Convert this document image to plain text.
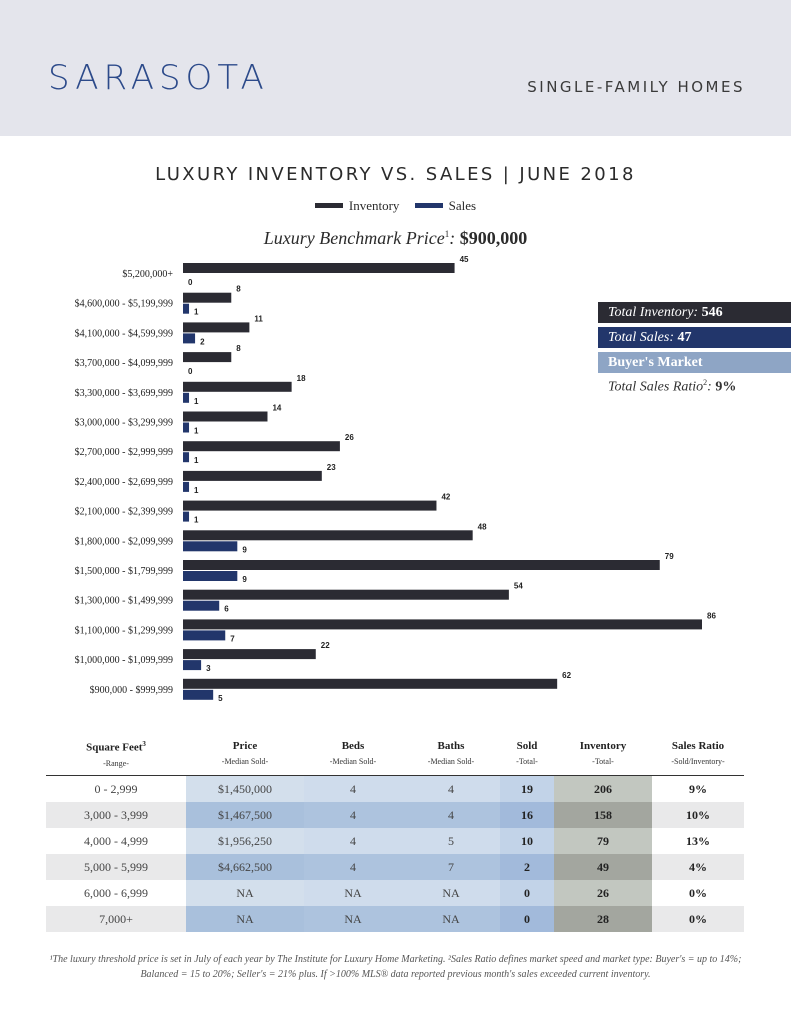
SARASOTA	SINGLE-FAMILY HOMES
LUXURY INVENTORY VS. SALES | JUNE 2018
Inventory
	Sales
Luxury Benchmark Price$^1$: $900,000
$5,200,000+
45
0
$4,600,000 - $5,199,999
8
1
$4,100,000 - $4,599,999
11
2
$3,700,000 - $4,099,999
8
0
$3,300,000 - $3,699,999
18
1
$3,000,000 - $3,299,999
14
1
$2,700,000 - $2,999,999
26
1
$2,400,000 - $2,699,999
23
1
$2,100,000 - $2,399,999
42
1
$1,800,000 - $2,099,999
48
9
$1,500,000 - $1,799,999
79
9
$1,300,000 - $1,499,999
54
6
$1,100,000 - $1,299,999
86
7
$1,000,000 - $1,099,999
22
3
$900,000 - $999,999
62
5
Total Inventory: 546
Total Sales: 47
Buyer's Market
Total Sales Ratio$^2$: 9%
Square Feet$^3$
-Range-
Price
-Median Sold-
Beds
-Median Sold-
Baths
-Median Sold-
Sold
-Total-
Inventory
-Total-
Sales Ratio
-Sold/Inventory-
0 - 2,999	$1,450,000	4	4	19	206	9%
3,000 - 3,999	$1,467,500	4	4	16	158	10%
4,000 - 4,999	$1,956,250	4	5	10	79	13%
5,000 - 5,999	$4,662,500	4	7	2	49	4%
6,000 - 6,999	NA	NA	NA	0	26	0%
7,000+	NA	NA	NA	0	28	0%
¹The luxury threshold price is set in July of each year by The Institute for Luxury Home Marketing. ²Sales Ratio defines market speed and market type: Buyer's = up to 14%; Balanced = 15 to 20%; Seller's = 21% plus. If >100% MLS® data reported previous month's sales exceeded current inventory.
